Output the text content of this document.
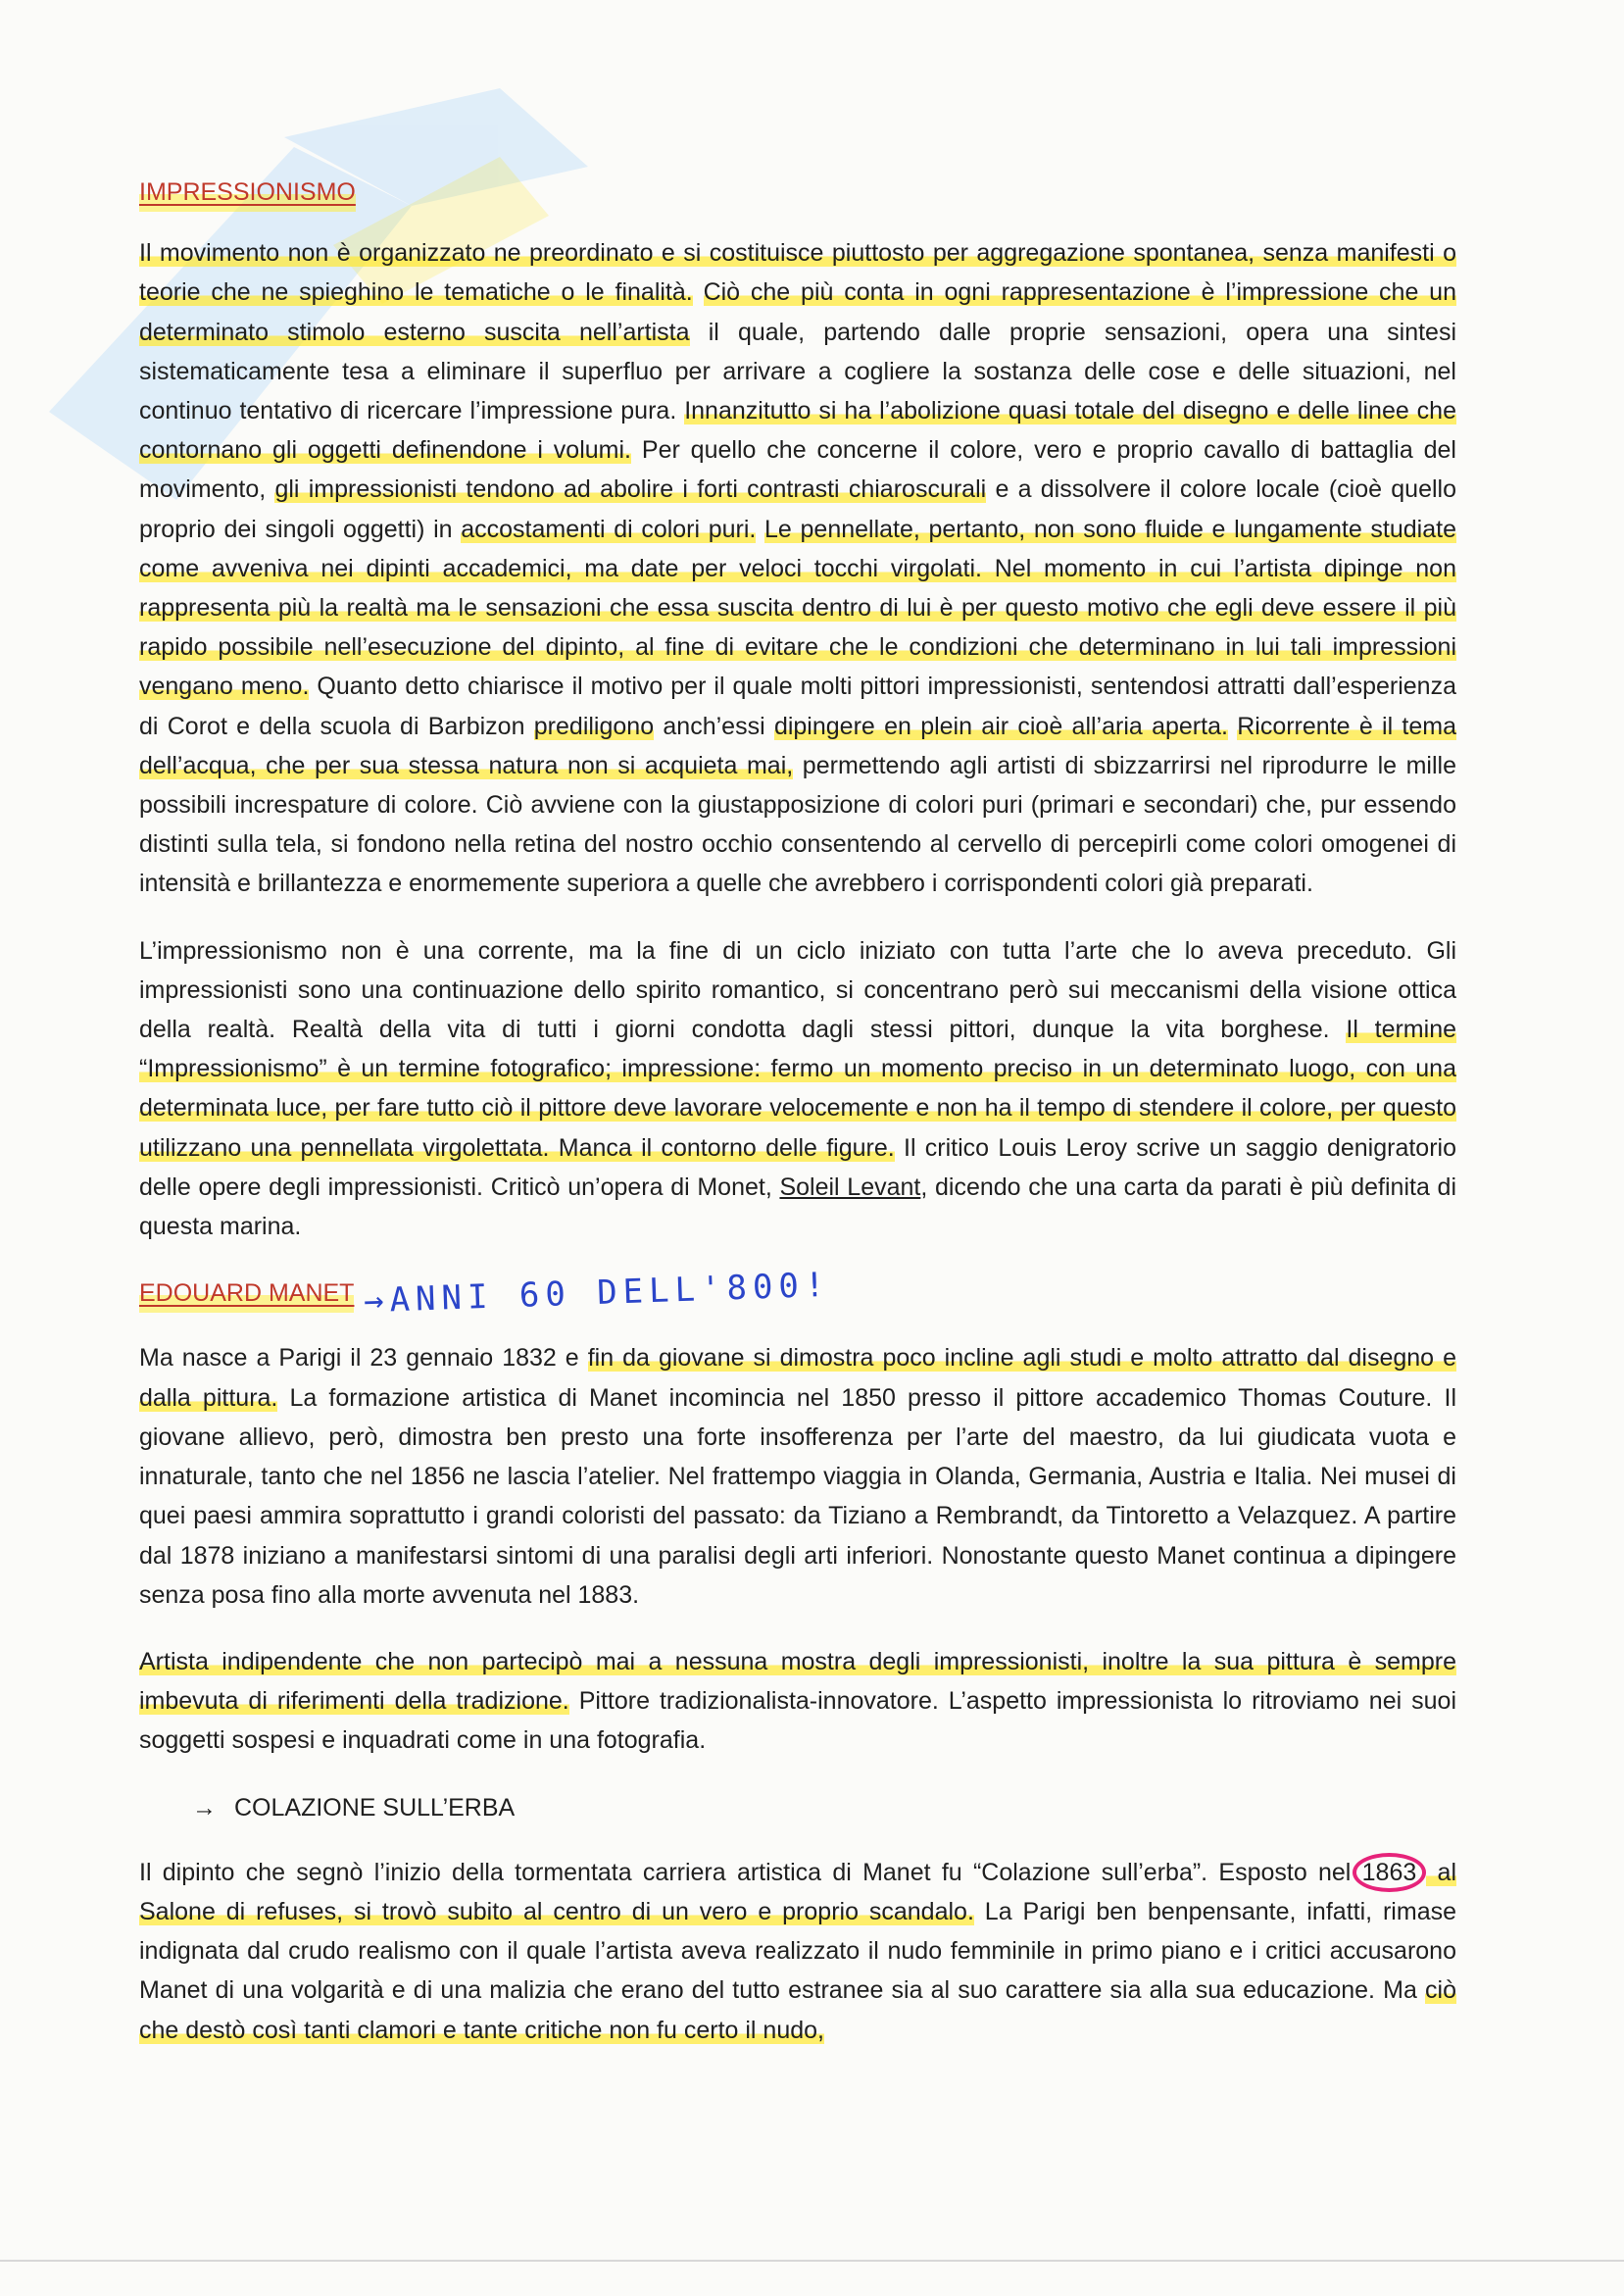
IMPRESSIONISMO

Il movimento non è organizzato ne preordinato e si costituisce piuttosto per aggregazione spontanea, senza manifesti o teorie che ne spieghino le tematiche o le finalità. Ciò che più conta in ogni rappresentazione è l’impressione che un determinato stimolo esterno suscita nell’artista il quale, partendo dalle proprie sensazioni, opera una sintesi sistematicamente tesa a eliminare il superfluo per arrivare a cogliere la sostanza delle cose e delle situazioni, nel continuo tentativo di ricercare l’impressione pura. Innanzitutto si ha l’abolizione quasi totale del disegno e delle linee che contornano gli oggetti definendone i volumi. Per quello che concerne il colore, vero e proprio cavallo di battaglia del movimento, gli impressionisti tendono ad abolire i forti contrasti chiaroscurali e a dissolvere il colore locale (cioè quello proprio dei singoli oggetti) in accostamenti di colori puri. Le pennellate, pertanto, non sono fluide e lungamente studiate come avveniva nei dipinti accademici, ma date per veloci tocchi virgolati. Nel momento in cui l’artista dipinge non rappresenta più la realtà ma le sensazioni che essa suscita dentro di lui è per questo motivo che egli deve essere il più rapido possibile nell’esecuzione del dipinto, al fine di evitare che le condizioni che determinano in lui tali impressioni vengano meno. Quanto detto chiarisce il motivo per il quale molti pittori impressionisti, sentendosi attratti dall’esperienza di Corot e della scuola di Barbizon prediligono anch’essi dipingere en plein air cioè all’aria aperta. Ricorrente è il tema dell’acqua, che per sua stessa natura non si acquieta mai, permettendo agli artisti di sbizzarrirsi nel riprodurre le mille possibili increspature di colore. Ciò avviene con la giustapposizione di colori puri (primari e secondari) che, pur essendo distinti sulla tela, si fondono nella retina del nostro occhio consentendo al cervello di percepirli come colori omogenei di intensità e brillantezza e enormemente superiora a quelle che avrebbero i corrispondenti colori già preparati.

L’impressionismo non è una corrente, ma la fine di un ciclo iniziato con tutta l’arte che lo aveva preceduto. Gli impressionisti sono una continuazione dello spirito romantico, si concentrano però sui meccanismi della visione ottica della realtà. Realtà della vita di tutti i giorni condotta dagli stessi pittori, dunque la vita borghese. Il termine “Impressionismo” è un termine fotografico; impressione: fermo un momento preciso in un determinato luogo, con una determinata luce, per fare tutto ciò il pittore deve lavorare velocemente e non ha il tempo di stendere il colore, per questo utilizzano una pennellata virgolettata. Manca il contorno delle figure. Il critico Louis Leroy scrive un saggio denigratorio delle opere degli impressionisti. Criticò un’opera di Monet, Soleil Levant, dicendo che una carta da parati è più definita di questa marina.

EDOUARD MANET →ANNI 60 DELL'800!

Ma nasce a Parigi il 23 gennaio 1832 e fin da giovane si dimostra poco incline agli studi e molto attratto dal disegno e dalla pittura. La formazione artistica di Manet incomincia nel 1850 presso il pittore accademico Thomas Couture. Il giovane allievo, però, dimostra ben presto una forte insofferenza per l’arte del maestro, da lui giudicata vuota e innaturale, tanto che nel 1856 ne lascia l’atelier. Nel frattempo viaggia in Olanda, Germania, Austria e Italia. Nei musei di quei paesi ammira soprattutto i grandi coloristi del passato: da Tiziano a Rembrandt, da Tintoretto a Velazquez. A partire dal 1878 iniziano a manifestarsi sintomi di una paralisi degli arti inferiori. Nonostante questo Manet continua a dipingere senza posa fino alla morte avvenuta nel 1883.

Artista indipendente che non partecipò mai a nessuna mostra degli impressionisti, inoltre la sua pittura è sempre imbevuta di riferimenti della tradizione. Pittore tradizionalista-innovatore. L’aspetto impressionista lo ritroviamo nei suoi soggetti sospesi e inquadrati come in una fotografia.

→ COLAZIONE SULL’ERBA

Il dipinto che segnò l’inizio della tormentata carriera artistica di Manet fu “Colazione sull’erba”. Esposto nel 1863 al Salone di refuses, si trovò subito al centro di un vero e proprio scandalo. La Parigi ben benpensante, infatti, rimase indignata dal crudo realismo con il quale l’artista aveva realizzato il nudo femminile in primo piano e i critici accusarono Manet di una volgarità e di una malizia che erano del tutto estranee sia al suo carattere sia alla sua educazione. Ma ciò che destò così tanti clamori e tante critiche non fu certo il nudo,
